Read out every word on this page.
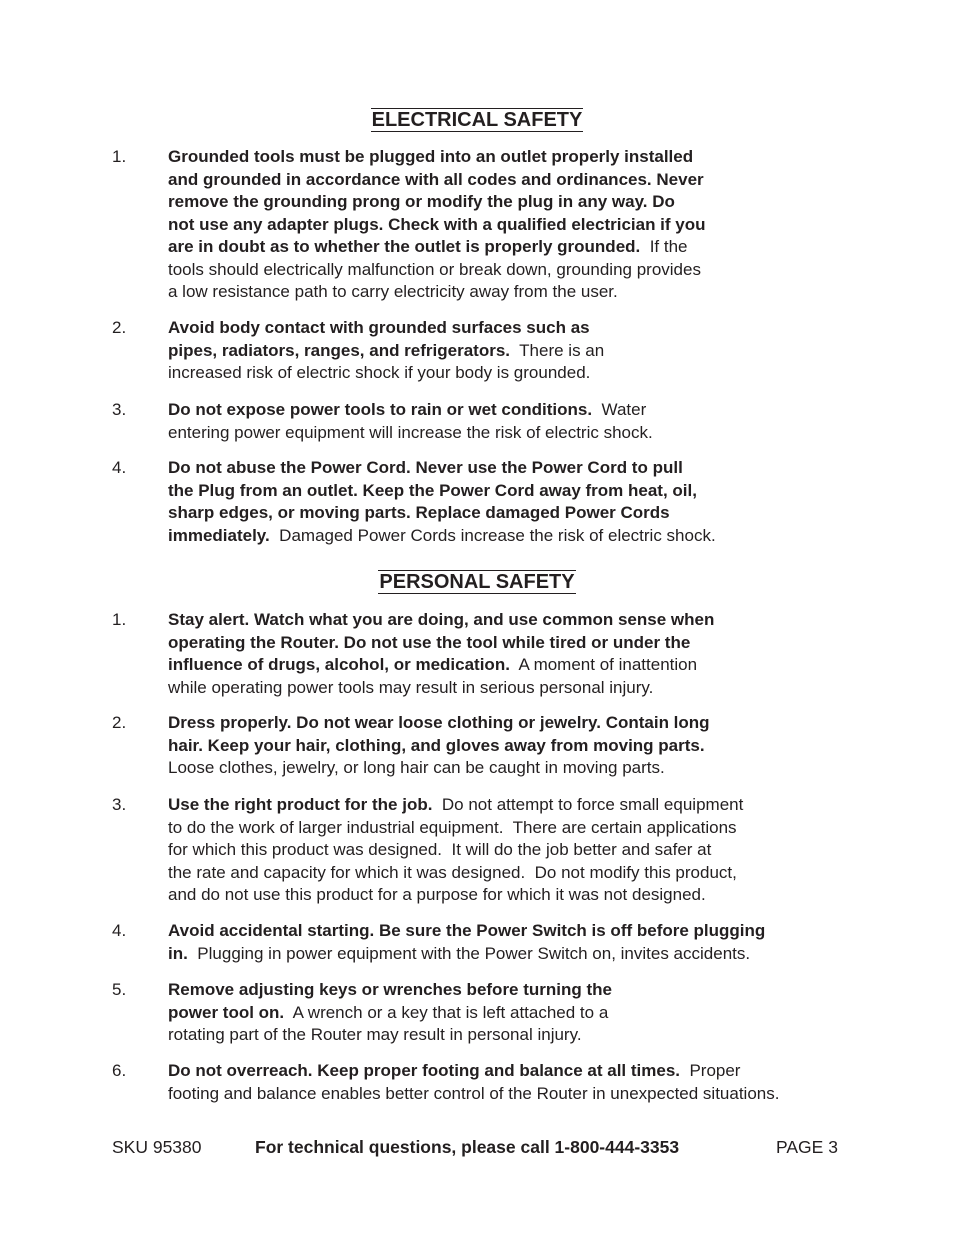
ELECTRICAL SAFETY
PERSONAL SAFETY
1.	Grounded tools must be plugged into an outlet properly installed
and grounded in accordance with all codes and ordinances. Never
remove the grounding prong or modify the plug in any way. Do
not use any adapter plugs. Check with a qualified electrician if you
are in doubt as to whether the outlet is properly grounded.  If the
tools should electrically malfunction or break down, grounding provides
a low resistance path to carry electricity away from the user.
2.	Avoid body contact with grounded surfaces such as
pipes, radiators, ranges, and refrigerators.  There is an
increased risk of electric shock if your body is grounded.
3.	Do not expose power tools to rain or wet conditions.  Water
entering power equipment will increase the risk of electric shock.
4.	Do not abuse the Power Cord. Never use the Power Cord to pull
the Plug from an outlet. Keep the Power Cord away from heat, oil,
sharp edges, or moving parts. Replace damaged Power Cords
immediately.  Damaged Power Cords increase the risk of electric shock.
1.	Stay alert. Watch what you are doing, and use common sense when
operating the Router. Do not use the tool while tired or under the
influence of drugs, alcohol, or medication.  A moment of inattention
while operating power tools may result in serious personal injury.
2.	Dress properly. Do not wear loose clothing or jewelry. Contain long
hair. Keep your hair, clothing, and gloves away from moving parts.
Loose clothes, jewelry, or long hair can be caught in moving parts.
3.	Use the right product for the job.  Do not attempt to force small equipment
to do the work of larger industrial equipment.  There are certain applications
for which this product was designed.  It will do the job better and safer at
the rate and capacity for which it was designed.  Do not modify this product,
and do not use this product for a purpose for which it was not designed.
4.	Avoid accidental starting. Be sure the Power Switch is off before plugging
in.  Plugging in power equipment with the Power Switch on, invites accidents.
5.	Remove adjusting keys or wrenches before turning the
power tool on.  A wrench or a key that is left attached to a
rotating part of the Router may result in personal injury.
6.	Do not overreach. Keep proper footing and balance at all times.  Proper
footing and balance enables better control of the Router in unexpected situations.
SKU 95380	For technical questions, please call 1-800-444-3353	PAGE 3
